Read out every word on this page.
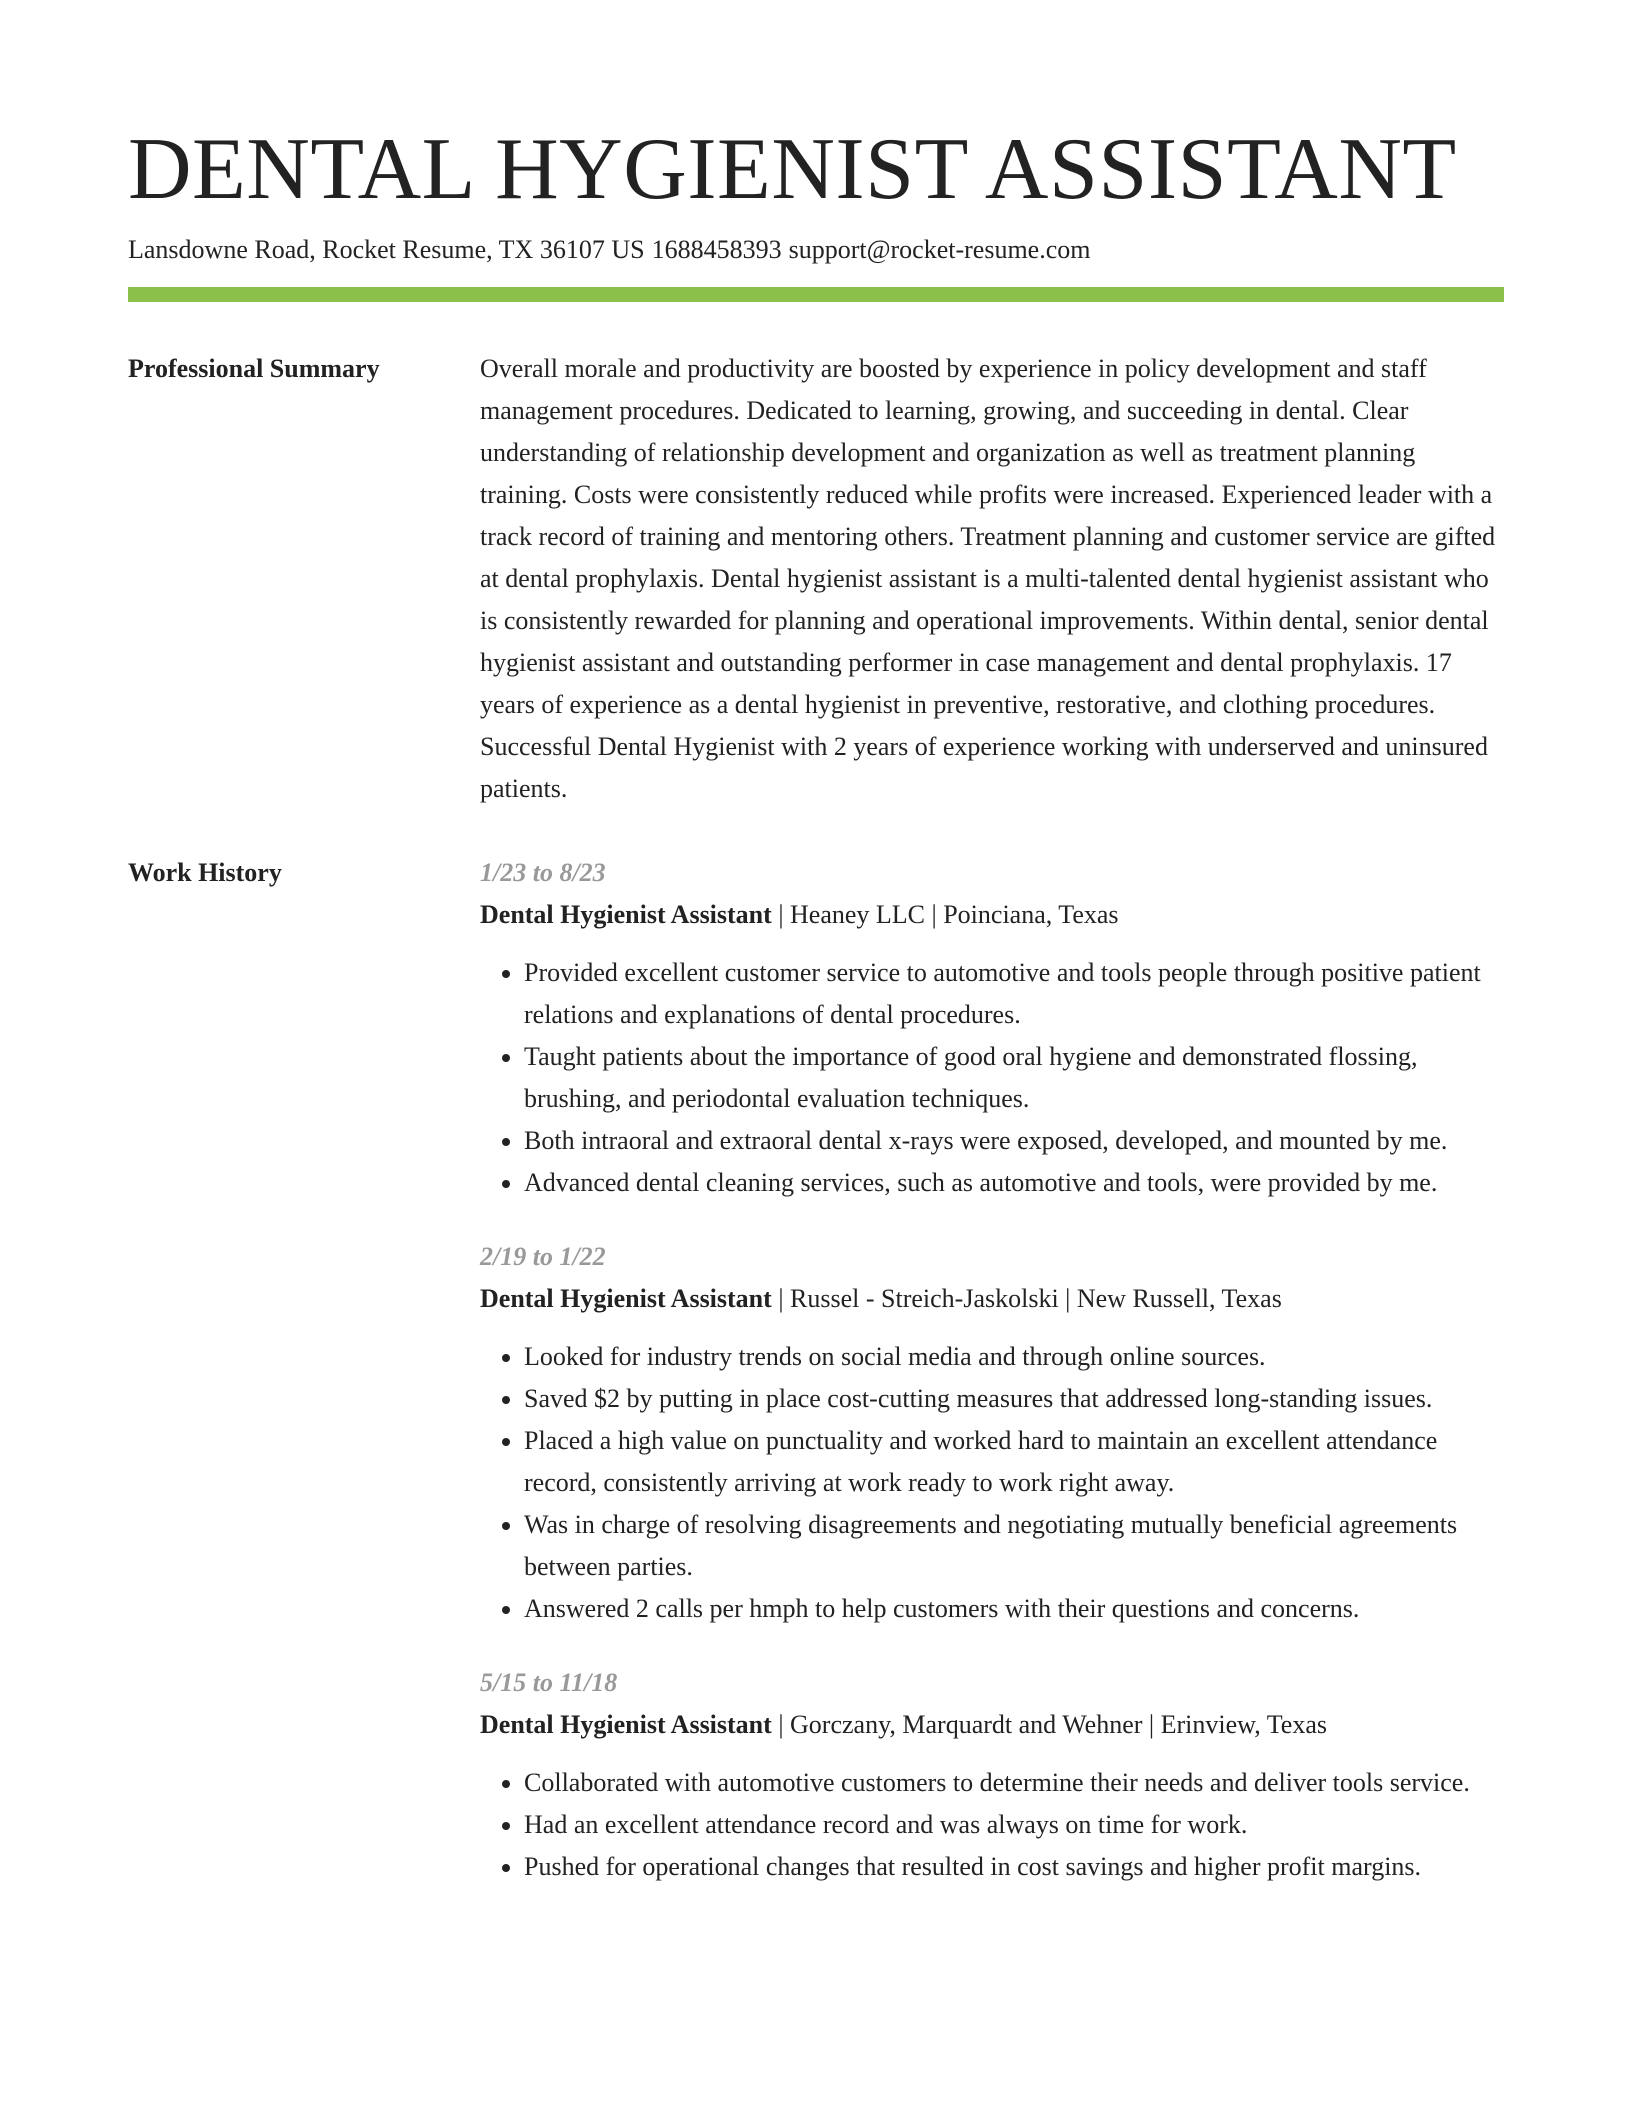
DENTAL HYGIENIST ASSISTANT
Lansdowne Road, Rocket Resume, TX 36107 US 1688458393 support@rocket-resume.com
Professional Summary	Overall morale and productivity are boosted by experience in policy development and staff management procedures. Dedicated to learning, growing, and succeeding in dental. Clear understanding of relationship development and organization as well as treatment planning training. Costs were consistently reduced while profits were increased. Experienced leader with a track record of training and mentoring others. Treatment planning and customer service are gifted at dental prophylaxis. Dental hygienist assistant is a multi-talented dental hygienist assistant who is consistently rewarded for planning and operational improvements. Within dental, senior dental hygienist assistant and outstanding performer in case management and dental prophylaxis. 17 years of experience as a dental hygienist in preventive, restorative, and clothing procedures. Successful Dental Hygienist with 2 years of experience working with underserved and uninsured patients.

Work History	1/23 to 8/23
Dental Hygienist Assistant | Heaney LLC | Poinciana, Texas
• Provided excellent customer service to automotive and tools people through positive patient relations and explanations of dental procedures.
• Taught patients about the importance of good oral hygiene and demonstrated flossing, brushing, and periodontal evaluation techniques.
• Both intraoral and extraoral dental x-rays were exposed, developed, and mounted by me.
• Advanced dental cleaning services, such as automotive and tools, were provided by me.
2/19 to 1/22
Dental Hygienist Assistant | Russel - Streich-Jaskolski | New Russell, Texas
• Looked for industry trends on social media and through online sources.
• Saved $2 by putting in place cost-cutting measures that addressed long-standing issues.
• Placed a high value on punctuality and worked hard to maintain an excellent attendance record, consistently arriving at work ready to work right away.
• Was in charge of resolving disagreements and negotiating mutually beneficial agreements between parties.
• Answered 2 calls per hmph to help customers with their questions and concerns.
5/15 to 11/18
Dental Hygienist Assistant | Gorczany, Marquardt and Wehner | Erinview, Texas
• Collaborated with automotive customers to determine their needs and deliver tools service.
• Had an excellent attendance record and was always on time for work.
• Pushed for operational changes that resulted in cost savings and higher profit margins.
